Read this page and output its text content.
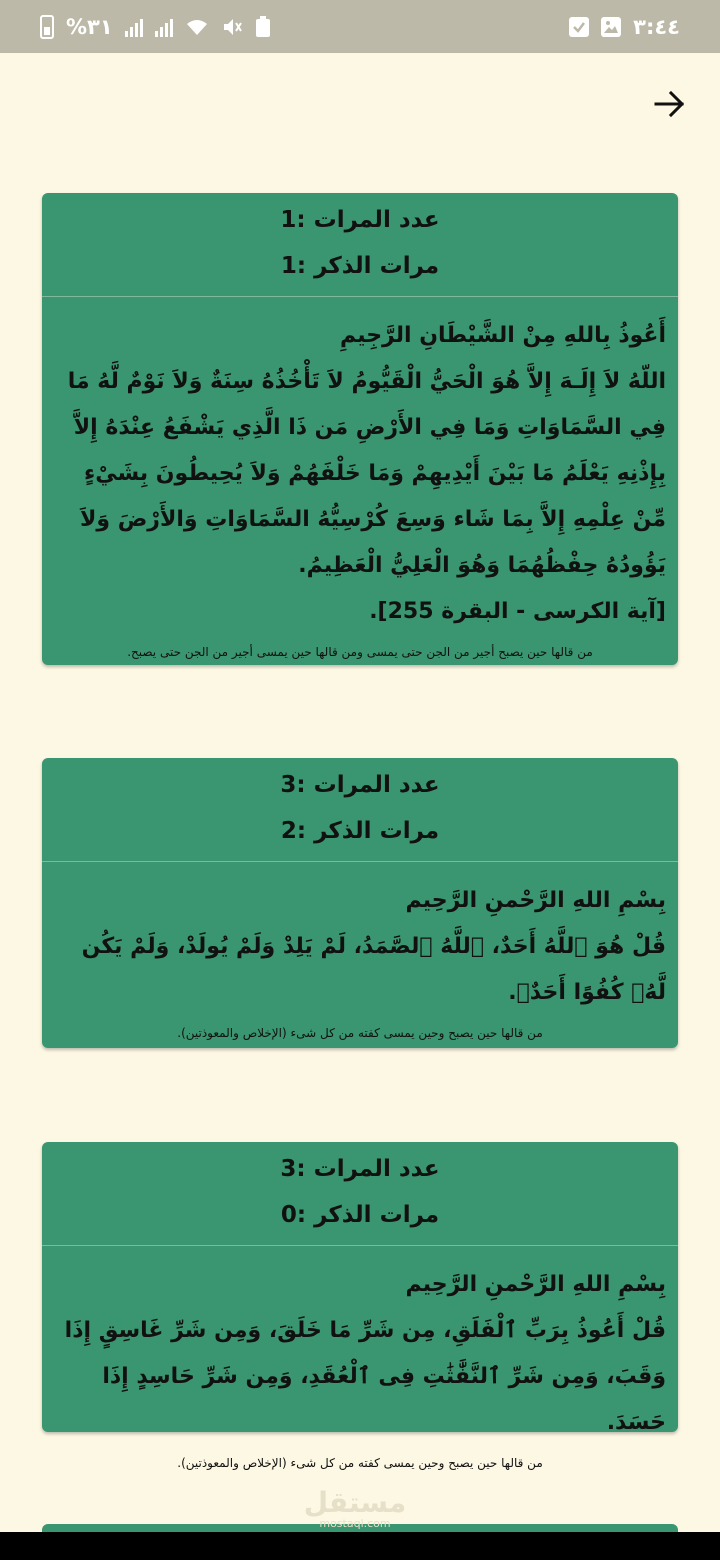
%٣١	٣:٤٤
عدد المرات :1
مرات الذكر :1
أَعُوذُ بِاللهِ مِنْ الشَّيْطَانِ الرَّجِيمِ
اللّهُ لاَ إِلَـهَ إِلاَّ هُوَ الْحَيُّ الْقَيُّومُ لاَ تَأْخُذُهُ سِنَةٌ وَلاَ نَوْمٌ لَّهُ مَا فِي السَّمَاوَاتِ وَمَا فِي الأَرْضِ مَن ذَا الَّذِي يَشْفَعُ عِنْدَهُ إِلاَّ بِإِذْنِهِ يَعْلَمُ مَا بَيْنَ أَيْدِيهِمْ وَمَا خَلْفَهُمْ وَلاَ يُحِيطُونَ بِشَيْءٍ مِّنْ عِلْمِهِ إِلاَّ بِمَا شَاء وَسِعَ كُرْسِيُّهُ السَّمَاوَاتِ وَالأَرْضَ وَلاَ يَؤُودُهُ حِفْظُهُمَا وَهُوَ الْعَلِيُّ الْعَظِيمُ.
[آية الكرسى - البقرة 255].
من قالها حين يصبح أجير من الجن حتى يمسى ومن قالها حين يمسى أجير من الجن حتى يصبح.
عدد المرات :3
مرات الذكر :2
بِسْمِ اللهِ الرَّحْمنِ الرَّحِيم
قُلْ هُوَ ٱللَّهُ أَحَدٌ، ٱللَّهُ ٱلصَّمَدُ، لَمْ يَلِدْ وَلَمْ يُولَدْ، وَلَمْ يَكُن لَّهُۥ كُفُوًا أَحَدٌۢ.
من قالها حين يصبح وحين يمسى كفته من كل شىء (الإخلاص والمعوذتين).
عدد المرات :3
مرات الذكر :0
بِسْمِ اللهِ الرَّحْمنِ الرَّحِيم
قُلْ أَعُوذُ بِرَبِّ ٱلْفَلَقِ، مِن شَرِّ مَا خَلَقَ، وَمِن شَرِّ غَاسِقٍ إِذَا وَقَبَ، وَمِن شَرِّ ٱلنَّفَّٰثَٰتِ فِى ٱلْعُقَدِ، وَمِن شَرِّ حَاسِدٍ إِذَا حَسَدَ.
من قالها حين يصبح وحين يمسى كفته من كل شىء (الإخلاص والمعوذتين).
مستقل
mostaql.com
